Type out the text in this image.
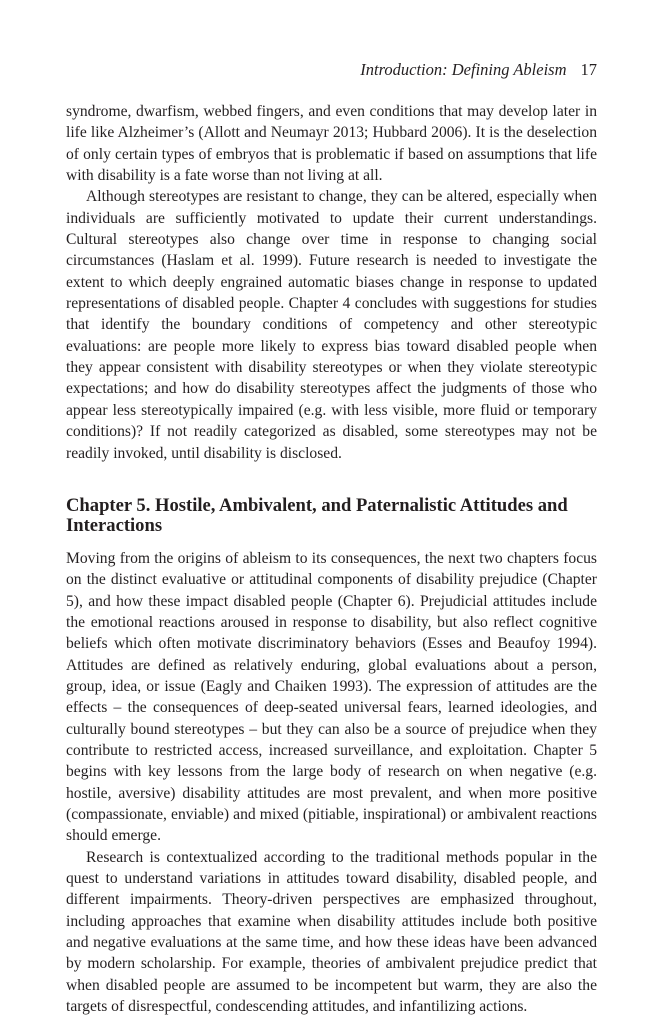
Introduction: Defining Ableism 17

syndrome, dwarfism, webbed fingers, and even conditions that may develop later in life like Alzheimer’s (Allott and Neumayr 2013; Hubbard 2006). It is the deselection of only certain types of embryos that is problematic if based on assumptions that life with disability is a fate worse than not living at all.

Although stereotypes are resistant to change, they can be altered, especially when individuals are sufficiently motivated to update their current understandings. Cultural stereotypes also change over time in response to changing social circumstances (Haslam et al. 1999). Future research is needed to investigate the extent to which deeply engrained automatic biases change in response to updated representations of disabled people. Chapter 4 concludes with suggestions for studies that identify the boundary conditions of competency and other stereotypic evaluations: are people more likely to express bias toward disabled people when they appear consistent with disability stereotypes or when they violate stereotypic expectations; and how do disability stereotypes affect the judgments of those who appear less stereotypically impaired (e.g. with less visible, more fluid or temporary conditions)? If not readily categorized as disabled, some stereotypes may not be readily invoked, until disability is disclosed.

Chapter 5. Hostile, Ambivalent, and Paternalistic Attitudes and Interactions

Moving from the origins of ableism to its consequences, the next two chapters focus on the distinct evaluative or attitudinal components of disability prejudice (Chapter 5), and how these impact disabled people (Chapter 6). Prejudicial attitudes include the emotional reactions aroused in response to disability, but also reflect cognitive beliefs which often motivate discriminatory behaviors (Esses and Beaufoy 1994). Attitudes are defined as relatively enduring, global evaluations about a person, group, idea, or issue (Eagly and Chaiken 1993). The expression of attitudes are the effects – the consequences of deep-seated universal fears, learned ideologies, and culturally bound stereotypes – but they can also be a source of prejudice when they contribute to restricted access, increased surveillance, and exploitation. Chapter 5 begins with key lessons from the large body of research on when negative (e.g. hostile, aversive) disability attitudes are most prevalent, and when more positive (compassionate, enviable) and mixed (pitiable, inspirational) or ambivalent reactions should emerge.

Research is contextualized according to the traditional methods popular in the quest to understand variations in attitudes toward disability, disabled people, and different impairments. Theory-driven perspectives are emphasized throughout, including approaches that examine when disability attitudes include both positive and negative evaluations at the same time, and how these ideas have been advanced by modern scholarship. For example, theories of ambivalent prejudice predict that when disabled people are assumed to be incompetent but warm, they are also the targets of disrespectful, condescending attitudes, and infantilizing actions.
